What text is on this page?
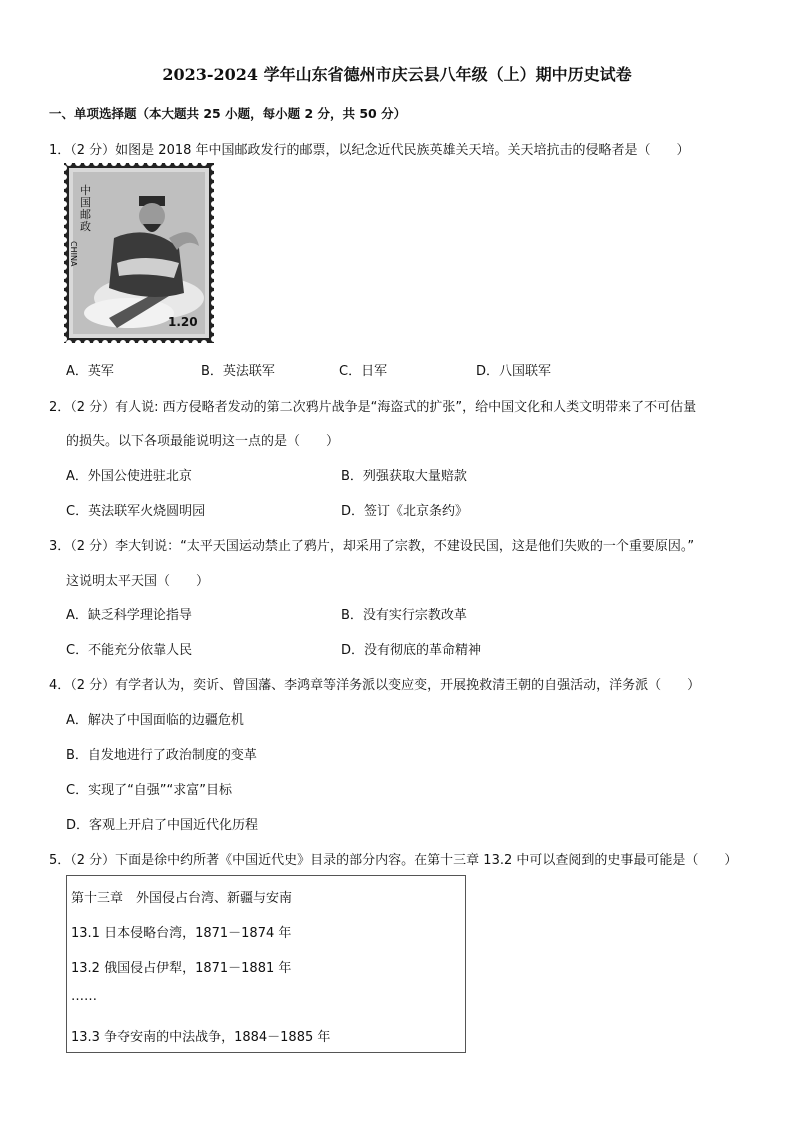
2023-2024 学年山东省德州市庆云县八年级（上）期中历史试卷
一、单项选择题（本大题共 25 小题，每小题 2 分，共 50 分）
1．（2 分）如图是 2018 年中国邮政发行的邮票，以纪念近代民族英雄关天培。关天培抗击的侵略者是（　　）
中国邮政
CHINA
1.20
A．英军	B．英法联军	C．日军	D．八国联军
2．（2 分）有人说: 西方侵略者发动的第二次鸦片战争是“海盗式的扩张”，给中国文化和人类文明带来了不可估量
的损失。以下各项最能说明这一点的是（　　）
A．外国公使进驻北京	B．列强获取大量赔款
C．英法联军火烧圆明园	D．签订《北京条约》
3．（2 分）李大钊说：“太平天国运动禁止了鸦片，却采用了宗教，不建设民国，这是他们失败的一个重要原因。”
这说明太平天国（　　）
A．缺乏科学理论指导	B．没有实行宗教改革
C．不能充分依靠人民	D．没有彻底的革命精神
4．（2 分）有学者认为，奕䜣、曾国藩、李鸿章等洋务派以变应变，开展挽救清王朝的自强活动，洋务派（　　）
A．解决了中国面临的边疆危机
B．自发地进行了政治制度的变革
C．实现了“自强”“求富”目标
D．客观上开启了中国近代化历程
5．（2 分）下面是徐中约所著《中国近代史》目录的部分内容。在第十三章 13.2 中可以查阅到的史事最可能是（　　）
第十三章　外国侵占台湾、新疆与安南
13.1 日本侵略台湾，1871－1874 年
13.2 俄国侵占伊犁，1871－1881 年
……
13.3 争夺安南的中法战争，1884－1885 年
